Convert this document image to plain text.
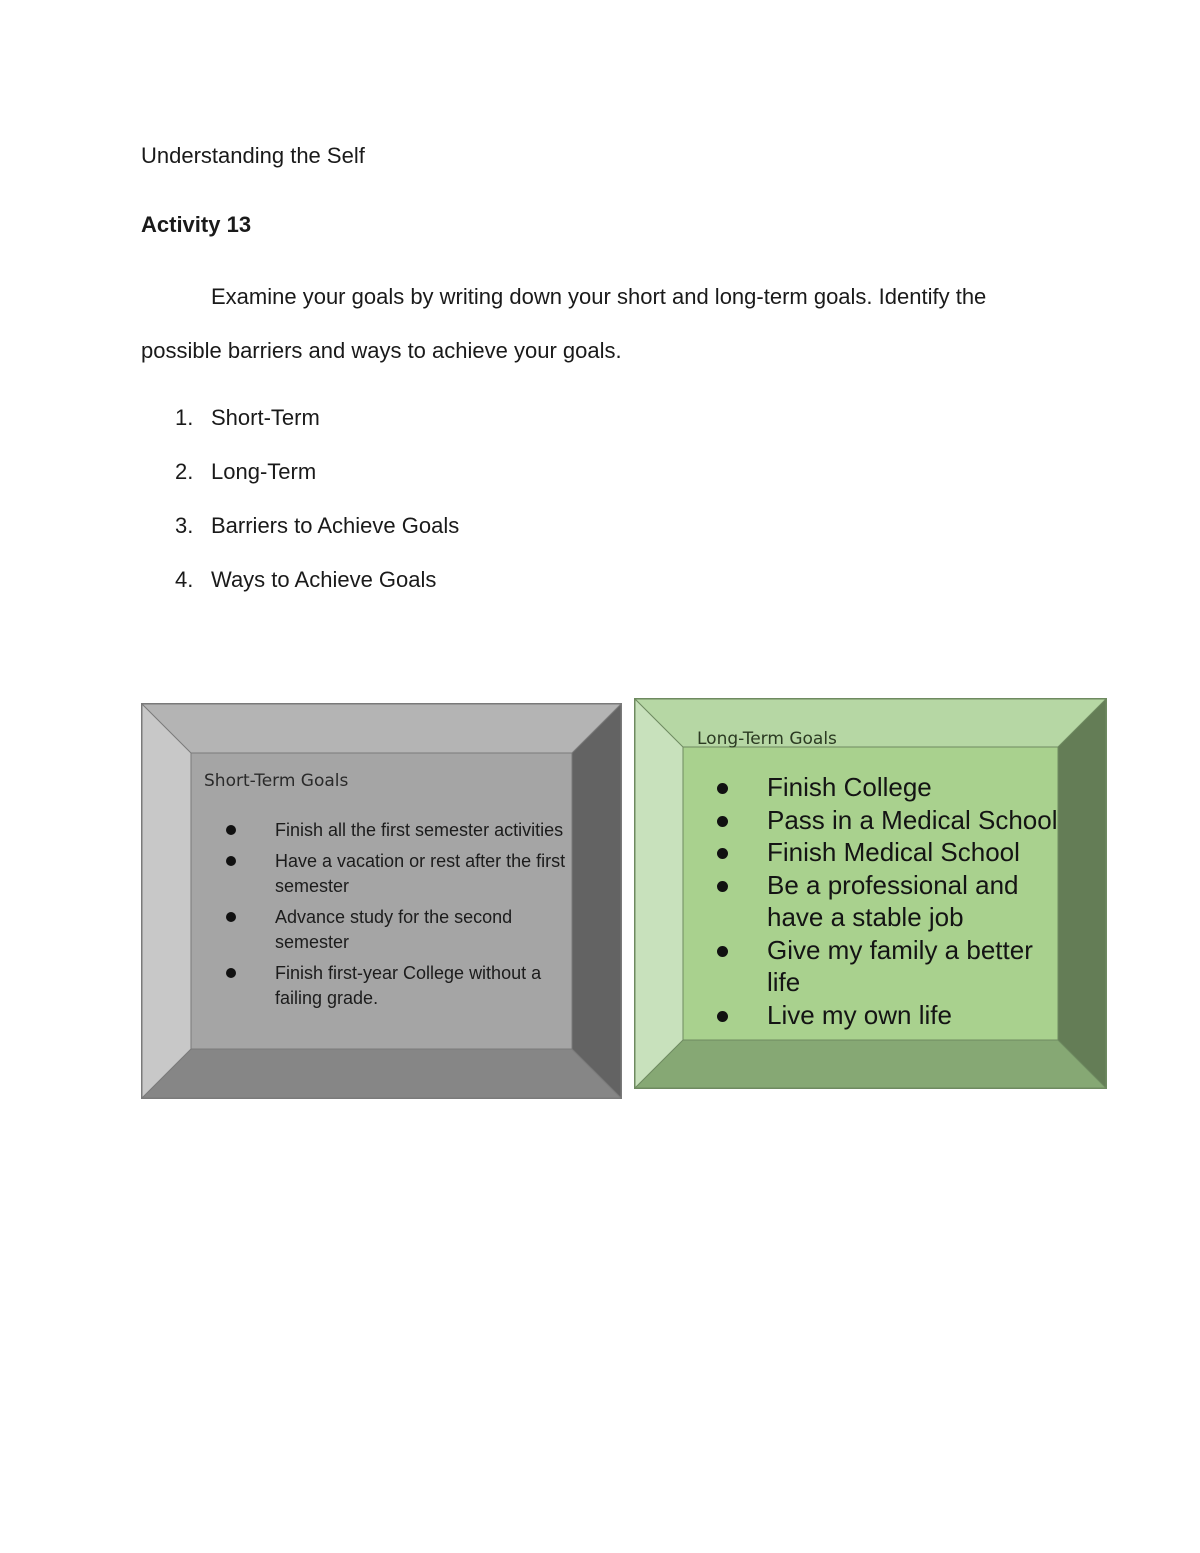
Understanding the Self
Activity 13

Examine your goals by writing down your short and long-term goals. Identify the possible barriers and ways to achieve your goals.

1. Short-Term
2. Long-Term
3. Barriers to Achieve Goals
4. Ways to Achieve Goals
Short-Term Goals
Finish all the first semester activities
Have a vacation or rest after the first semester
Advance study for the second semester
Finish first-year College without a failing grade.
Long-Term Goals
Finish College
Pass in a Medical School
Finish Medical School
Be a professional and have a stable job
Give my family a better life
Live my own life
